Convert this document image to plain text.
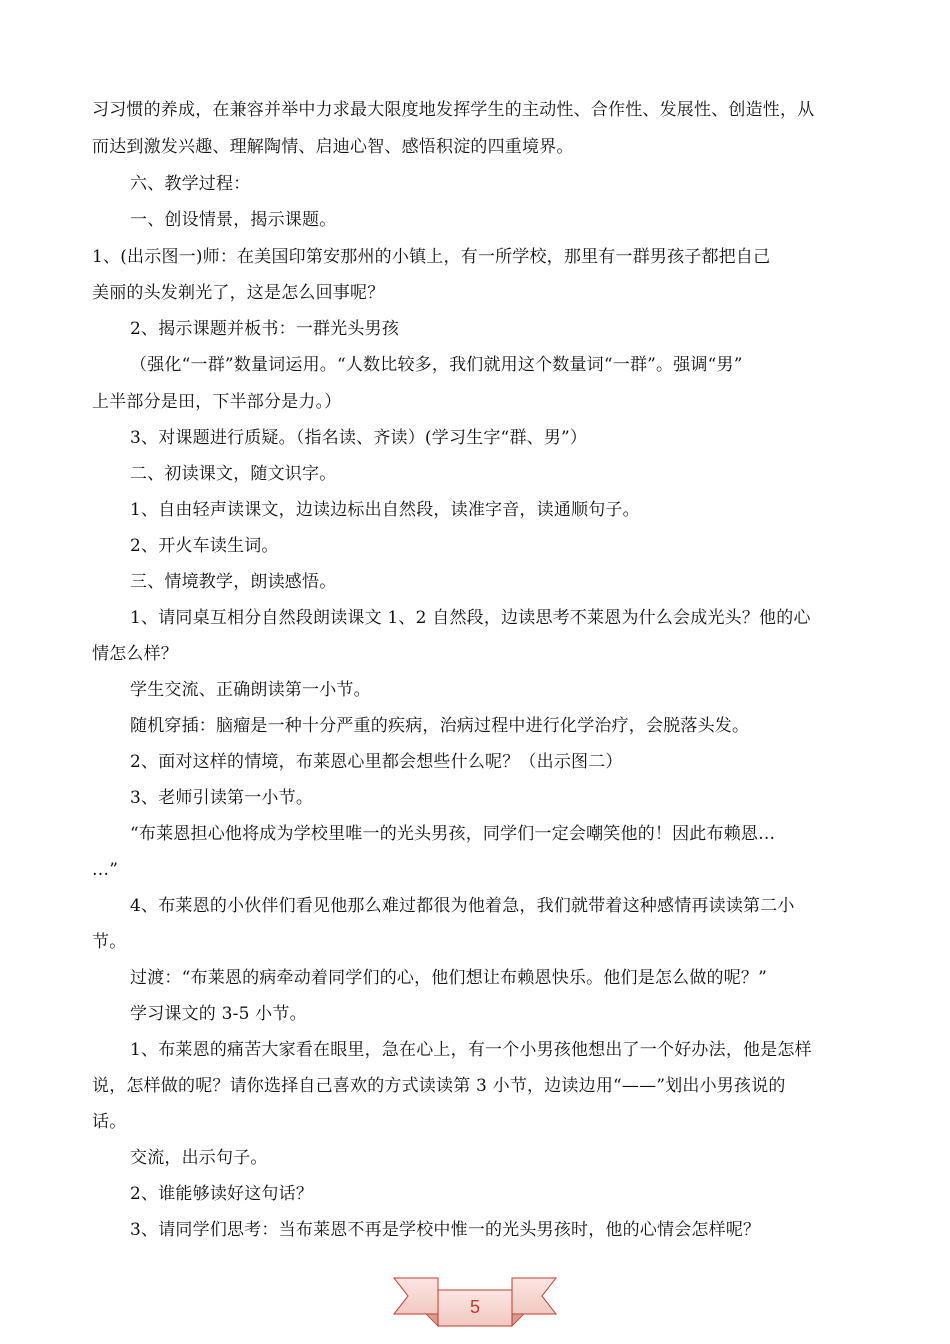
习习惯的养成，在兼容并举中力求最大限度地发挥学生的主动性、合作性、发展性、创造性，从
而达到激发兴趣、理解陶情、启迪心智、感悟积淀的四重境界。
六、教学过程：
一、创设情景，揭示课题。
1、(出示图一)师：在美国印第安那州的小镇上，有一所学校，那里有一群男孩子都把自己
美丽的头发剃光了，这是怎么回事呢？
2、揭示课题并板书：一群光头男孩
（强化“一群”数量词运用。“人数比较多，我们就用这个数量词“一群”。强调“男”
上半部分是田，下半部分是力。）
3、对课题进行质疑。（指名读、齐读）(学习生字“群、男”）
二、初读课文，随文识字。
1、自由轻声读课文，边读边标出自然段，读准字音，读通顺句子。
2、开火车读生词。
三、情境教学，朗读感悟。
1、请同桌互相分自然段朗读课文 1、2 自然段，边读思考不莱恩为什么会成光头？他的心
情怎么样？
学生交流、正确朗读第一小节。
随机穿插：脑瘤是一种十分严重的疾病，治病过程中进行化学治疗，会脱落头发。
2、面对这样的情境，布莱恩心里都会想些什么呢？（出示图二）
3、老师引读第一小节。
“布莱恩担心他将成为学校里唯一的光头男孩，同学们一定会嘲笑他的！因此布赖恩…
…”
4、布莱恩的小伙伴们看见他那么难过都很为他着急，我们就带着这种感情再读读第二小
节。
过渡：“布莱恩的病牵动着同学们的心，他们想让布赖恩快乐。他们是怎么做的呢？”
学习课文的 3-5 小节。
1、布莱恩的痛苦大家看在眼里，急在心上，有一个小男孩他想出了一个好办法，他是怎样
说，怎样做的呢？请你选择自己喜欢的方式读读第 3 小节，边读边用“——”划出小男孩说的
话。
交流，出示句子。
2、谁能够读好这句话？
3、请同学们思考：当布莱恩不再是学校中惟一的光头男孩时，他的心情会怎样呢？
5
